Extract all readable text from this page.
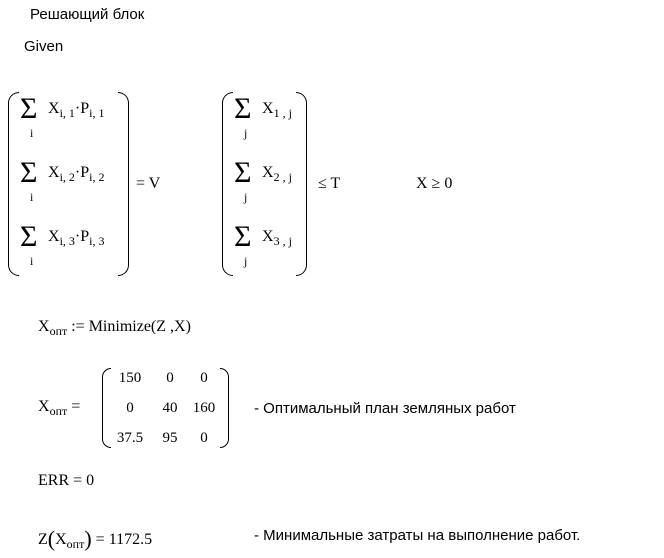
Решающий блок
Given
Σ
i
$X_{i, 1}\cdot P_{i, 1}$
Σ
i
$X_{i, 2}\cdot P_{i, 2}$
Σ
i
$X_{i, 3}\cdot P_{i, 3}$
= V
Σ
j
$X_{1 , j}$
Σ
j
$X_{2 , j}$
Σ
j
$X_{3 , j}$
≤ T	X ≥ 0
$X_{опт}$ := Minimize(Z ,X)
$X_{опт}$ =
150	0	0
0	40	160
37.5	95	0
- Оптимальный план земляных работ
ERR = 0
$Z(X_{опт}) = 1172.5$	- Минимальные затраты на выполнение работ.
